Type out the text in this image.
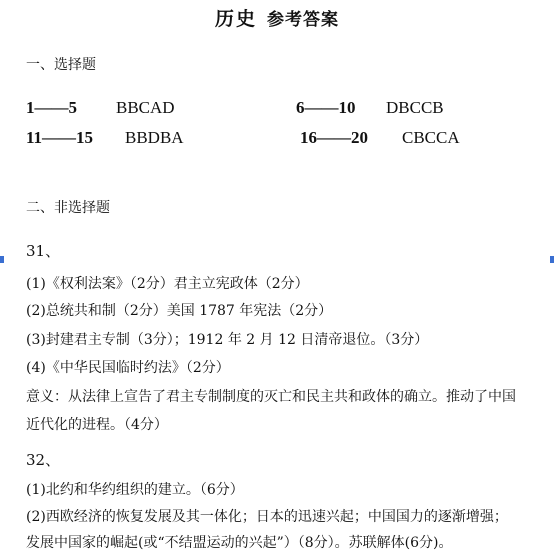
历史 参考答案
一、选择题
1——5 BBCAD	6——10 DBCCB
11——15 BBDBA	16——20 CBCCA
二、非选择题
31、
(1)《权利法案》（2分）君主立宪政体（2分）
(2)总统共和制（2分）美国 1787 年宪法（2分）
(3)封建君主专制（3分）；1912 年 2 月 12 日清帝退位。（3分）
(4)《中华民国临时约法》（2分）
意义：从法律上宣告了君主专制制度的灭亡和民主共和政体的确立。推动了中国
近代化的进程。（4分）
32、
(1)北约和华约组织的建立。（6分）
(2)西欧经济的恢复发展及其一体化；日本的迅速兴起；中国国力的逐渐增强；
发展中国家的崛起(或“不结盟运动的兴起”）（8分）。苏联解体(6分)。
